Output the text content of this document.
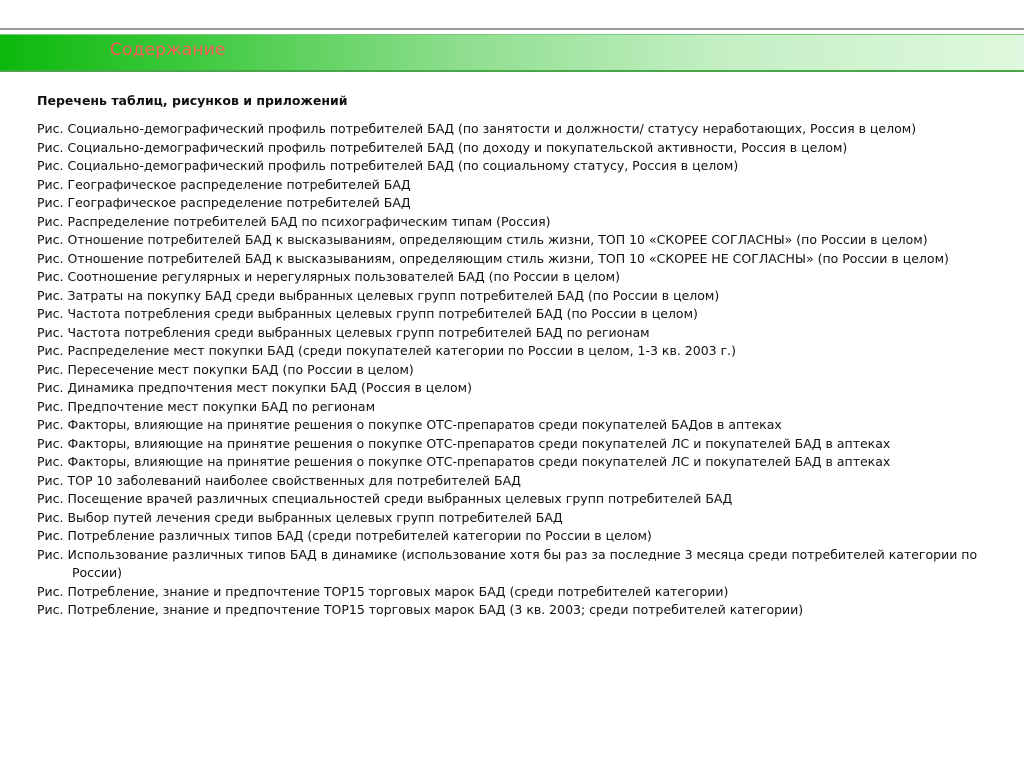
Содержание
Перечень таблиц, рисунков и приложений
Рис. Социально-демографический профиль потребителей БАД (по занятости и должности/ статусу неработающих, Россия в целом)
Рис. Социально-демографический профиль потребителей БАД (по доходу и покупательской активности, Россия в целом)
Рис. Социально-демографический профиль потребителей БАД (по социальному статусу, Россия в целом)
Рис. Географическое распределение потребителей БАД
Рис. Географическое распределение потребителей БАД
Рис. Распределение потребителей БАД по психографическим типам (Россия)
Рис. Отношение потребителей БАД к высказываниям, определяющим стиль жизни, ТОП 10 «СКОРЕЕ СОГЛАСНЫ» (по России в целом)
Рис. Отношение потребителей БАД к высказываниям, определяющим стиль жизни, ТОП 10 «СКОРЕЕ НЕ СОГЛАСНЫ» (по России в целом)
Рис. Соотношение регулярных и нерегулярных пользователей БАД (по России в целом)
Рис. Затраты на покупку БАД среди выбранных целевых групп потребителей БАД (по России в целом)
Рис. Частота потребления среди выбранных целевых групп потребителей БАД (по России в целом)
Рис. Частота потребления среди выбранных целевых групп потребителей БАД по регионам
Рис. Распределение мест покупки БАД (среди покупателей категории по России в целом, 1-3 кв. 2003 г.)
Рис. Пересечение мест покупки БАД (по России в целом)
Рис. Динамика предпочтения мест покупки БАД (Россия в целом)
Рис. Предпочтение мест покупки БАД по регионам
Рис. Факторы, влияющие на принятие решения о покупке ОТС-препаратов среди покупателей БАДов в аптеках
Рис. Факторы, влияющие на принятие решения о покупке ОТС-препаратов среди покупателей ЛС и покупателей БАД в аптеках
Рис. Факторы, влияющие на принятие решения о покупке ОТС-препаратов среди покупателей ЛС и покупателей БАД в аптеках
Рис. TOP 10 заболеваний наиболее свойственных для потребителей БАД
Рис. Посещение врачей различных специальностей среди выбранных целевых групп потребителей БАД
Рис. Выбор путей лечения среди выбранных целевых групп потребителей БАД
Рис. Потребление различных типов БАД (среди потребителей категории по России в целом)
Рис. Использование различных типов БАД в динамике (использование хотя бы раз за последние 3 месяца среди потребителей категории по России)
Рис. Потребление, знание и предпочтение TOP15 торговых марок БАД (среди потребителей категории)
Рис. Потребление, знание и предпочтение TOP15 торговых марок БАД (3 кв. 2003; среди потребителей категории)
